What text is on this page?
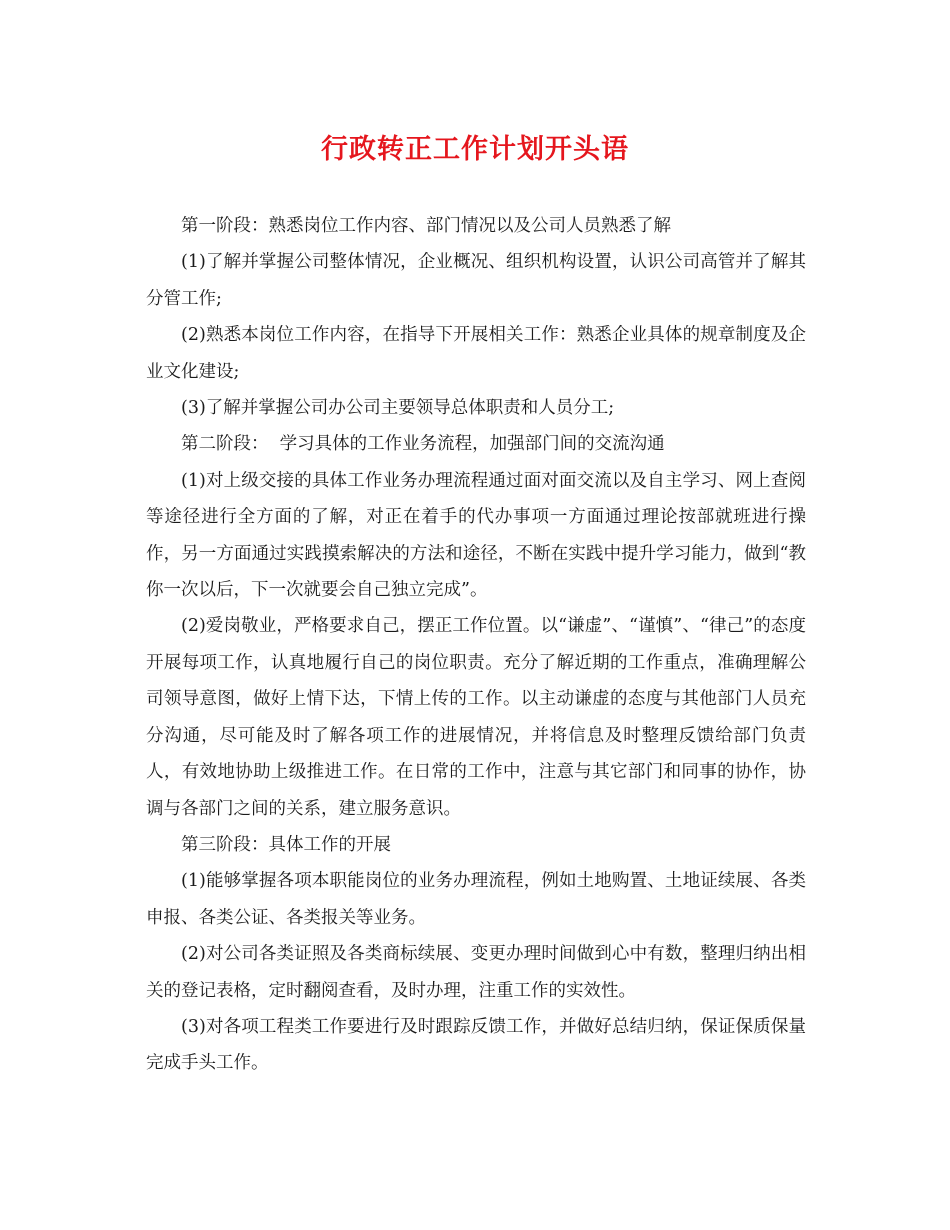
行政转正工作计划开头语

第一阶段：熟悉岗位工作内容、部门情况以及公司人员熟悉了解

(1)了解并掌握公司整体情况，企业概况、组织机构设置，认识公司高管并了解其分管工作;

(2)熟悉本岗位工作内容，在指导下开展相关工作：熟悉企业具体的规章制度及企业文化建设;

(3)了解并掌握公司办公司主要领导总体职责和人员分工;

第二阶段：  学习具体的工作业务流程，加强部门间的交流沟通

(1)对上级交接的具体工作业务办理流程通过面对面交流以及自主学习、网上查阅等途径进行全方面的了解，对正在着手的代办事项一方面通过理论按部就班进行操作，另一方面通过实践摸索解决的方法和途径，不断在实践中提升学习能力，做到“教你一次以后，下一次就要会自己独立完成”。

(2)爱岗敬业，严格要求自己，摆正工作位置。以“谦虚”、“谨慎”、“律己”的态度开展每项工作，认真地履行自己的岗位职责。充分了解近期的工作重点，准确理解公司领导意图，做好上情下达，下情上传的工作。以主动谦虚的态度与其他部门人员充分沟通，尽可能及时了解各项工作的进展情况，并将信息及时整理反馈给部门负责人，有效地协助上级推进工作。在日常的工作中，注意与其它部门和同事的协作，协调与各部门之间的关系，建立服务意识。

第三阶段：具体工作的开展

(1)能够掌握各项本职能岗位的业务办理流程，例如土地购置、土地证续展、各类申报、各类公证、各类报关等业务。

(2)对公司各类证照及各类商标续展、变更办理时间做到心中有数，整理归纳出相关的登记表格，定时翻阅查看，及时办理，注重工作的实效性。

(3)对各项工程类工作要进行及时跟踪反馈工作，并做好总结归纳，保证保质保量完成手头工作。
